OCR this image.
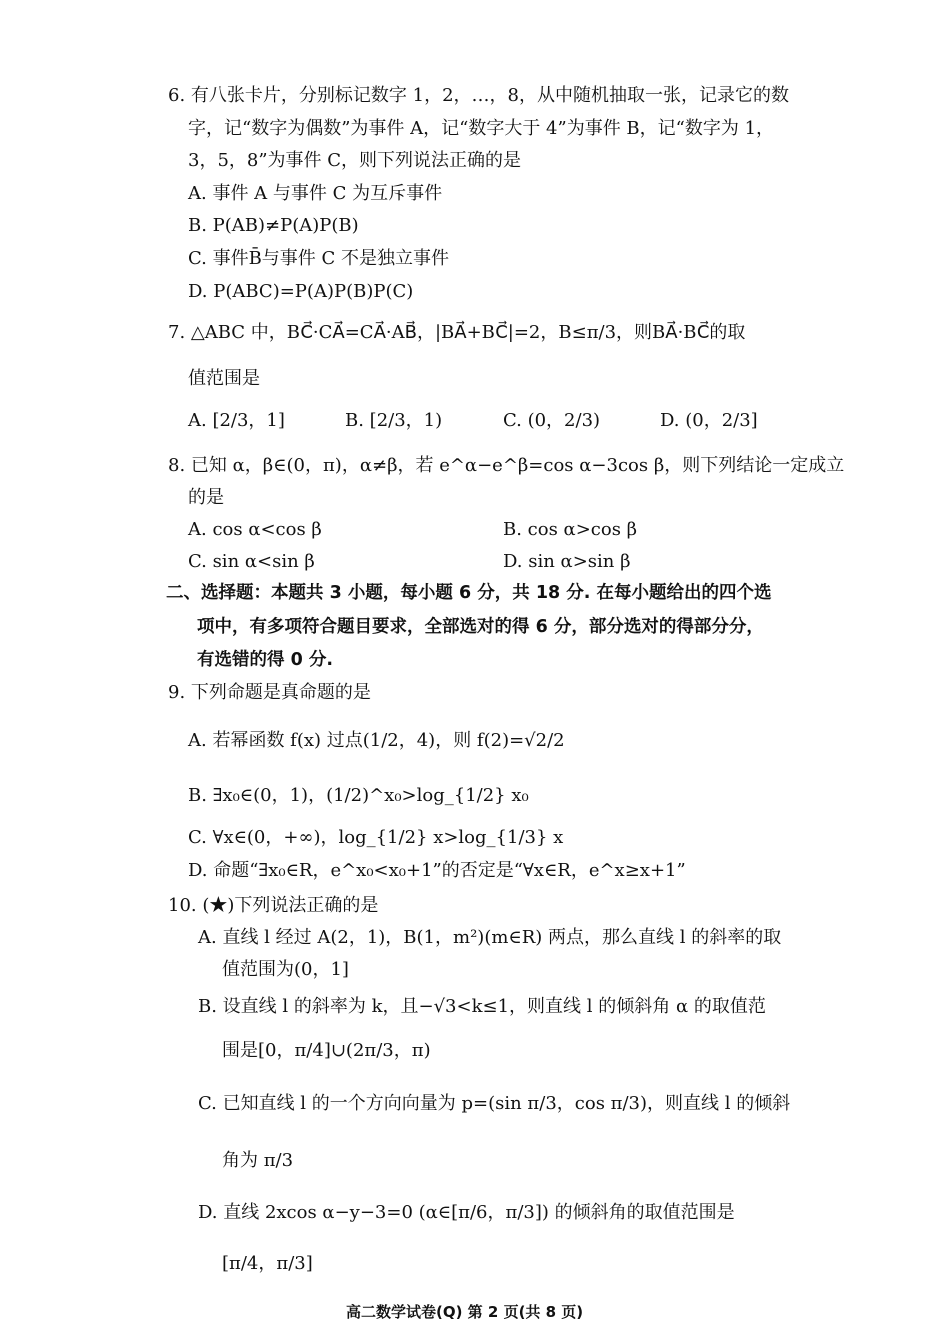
6. 有八张卡片，分别标记数字 1，2，…，8，从中随机抽取一张，记录它的数
字，记“数字为偶数”为事件 A，记“数字大于 4”为事件 B，记“数字为 1，
3，5，8”为事件 C，则下列说法正确的是
A. 事件 A 与事件 C 为互斥事件
B. P(AB)≠P(A)P(B)
C. 事件B̄与事件 C 不是独立事件
D. P(ABC)=P(A)P(B)P(C)
7. △ABC 中，BC⃗·CA⃗=CA⃗·AB⃗，|BA⃗+BC⃗|=2，B≤π/3，则BA⃗·BC⃗的取
值范围是
A. [2/3，1]	B. [2/3，1)	C. (0，2/3)	D. (0，2/3]
8. 已知 α，β∈(0，π)，α≠β，若 e^α−e^β=cos α−3cos β，则下列结论一定成立
的是
A. cos α<cos β	B. cos α>cos β
C. sin α<sin β	D. sin α>sin β
二、选择题：本题共 3 小题，每小题 6 分，共 18 分. 在每小题给出的四个选
项中，有多项符合题目要求，全部选对的得 6 分，部分选对的得部分分，
有选错的得 0 分.
9. 下列命题是真命题的是
A. 若幂函数 f(x) 过点(1/2，4)，则 f(2)=√2/2
B. ∃x₀∈(0，1)，(1/2)^x₀>log_{1/2} x₀
C. ∀x∈(0，+∞)，log_{1/2} x>log_{1/3} x
D. 命题“∃x₀∈R，e^x₀<x₀+1”的否定是“∀x∈R，e^x≥x+1”
10. (★)下列说法正确的是
A. 直线 l 经过 A(2，1)，B(1，m²)(m∈R) 两点，那么直线 l 的斜率的取
值范围为(0，1]
B. 设直线 l 的斜率为 k，且−√3<k≤1，则直线 l 的倾斜角 α 的取值范
围是[0，π/4]∪(2π/3，π)
C. 已知直线 l 的一个方向向量为 p=(sin π/3，cos π/3)，则直线 l 的倾斜
角为 π/3
D. 直线 2xcos α−y−3=0 (α∈[π/6，π/3]) 的倾斜角的取值范围是
[π/4，π/3]
高二数学试卷(Q) 第 2 页(共 8 页)
